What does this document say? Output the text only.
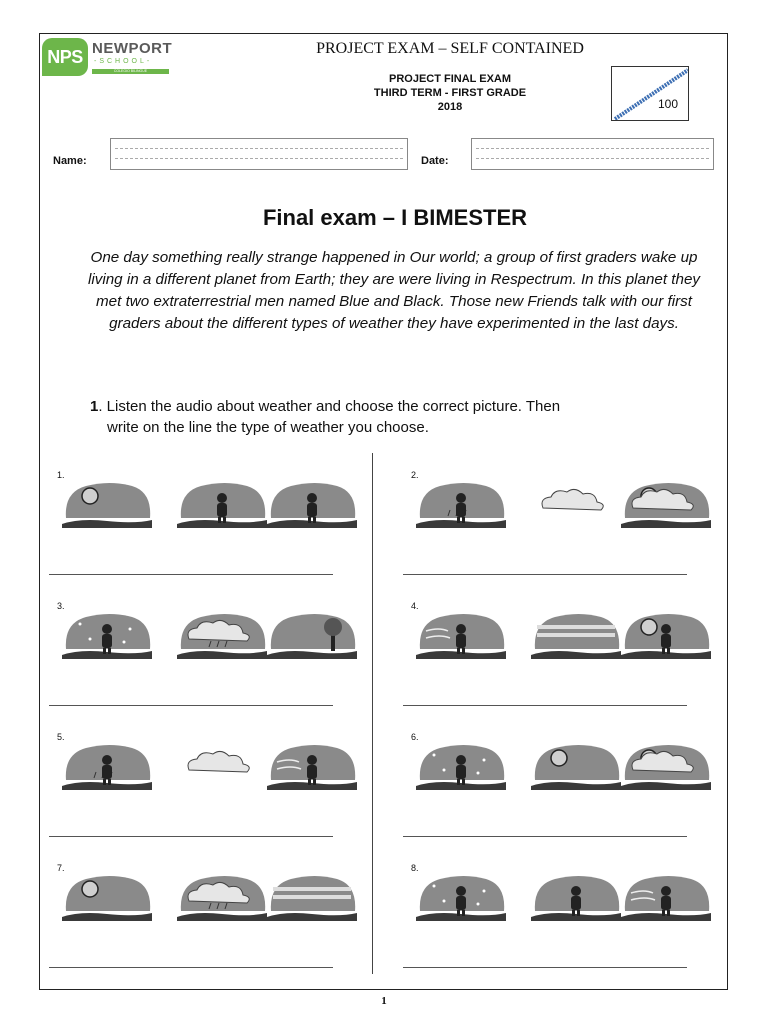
NPS NEWPORT
-SCHOOL-
COLEGIO BILINGUE
PROJECT EXAM – SELF CONTAINED
PROJECT FINAL EXAM
THIRD TERM - FIRST GRADE
2018	100
Name:	Date:
Final exam – I BIMESTER
One day something really strange happened in Our world; a group of first graders wake up living in a different planet from Earth; they are were living in Respectrum. In this planet they met two extraterrestrial men named Blue and Black. Those new Friends talk with our first graders about the different types of weather they have experimented in the last days.
1. Listen the audio about weather and choose the correct picture. Then
write on the line the type of weather you choose.
1.	2.
3.	4.
5.	6.
7.	8.
1
